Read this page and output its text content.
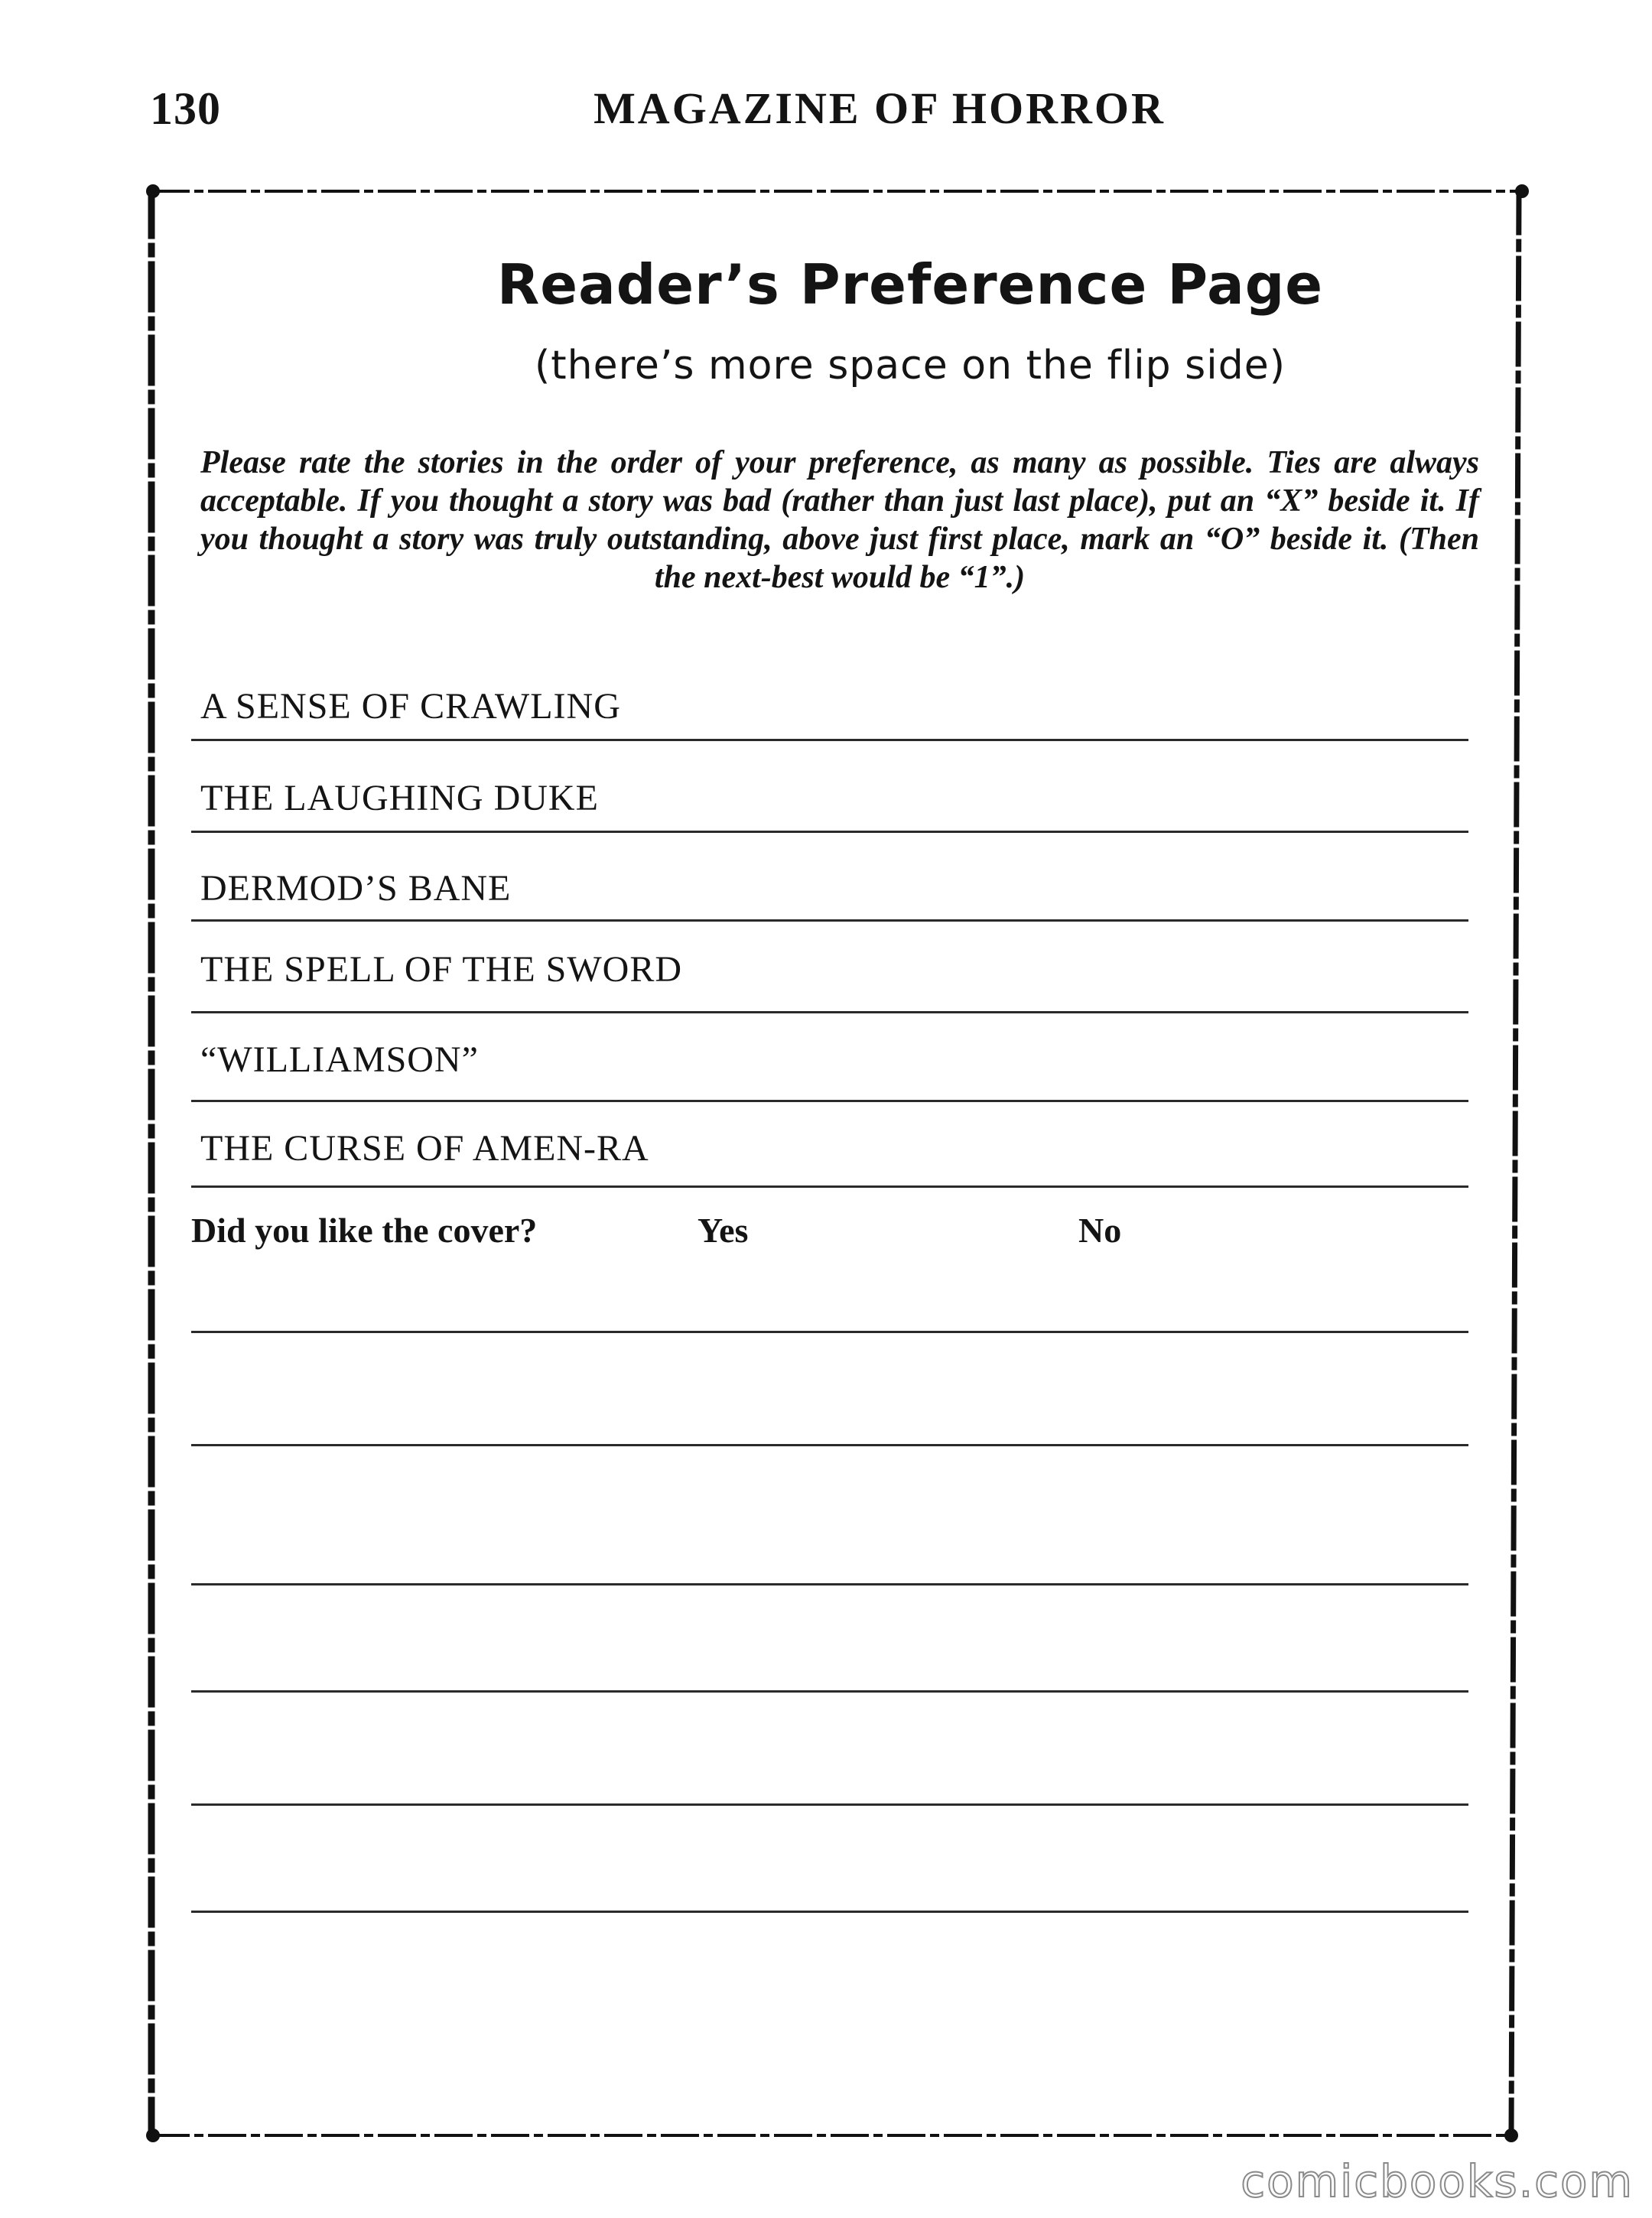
130	MAGAZINE OF HORROR
Reader’s Preference Page
(there’s more space on the flip side)
Please rate the stories in the order of your preference, as many as possible. Ties are always acceptable. If you thought a story was bad (rather than just last place), put an “X” beside it. If you thought a story was truly outstanding, above just first place, mark an “O” beside it. (Then the next-best would be “1”.)
A SENSE OF CRAWLING
THE LAUGHING DUKE
DERMOD’S BANE
THE SPELL OF THE SWORD
“WILLIAMSON”
THE CURSE OF AMEN-RA
Did you like the cover?	Yes	No
comicbooks.com
